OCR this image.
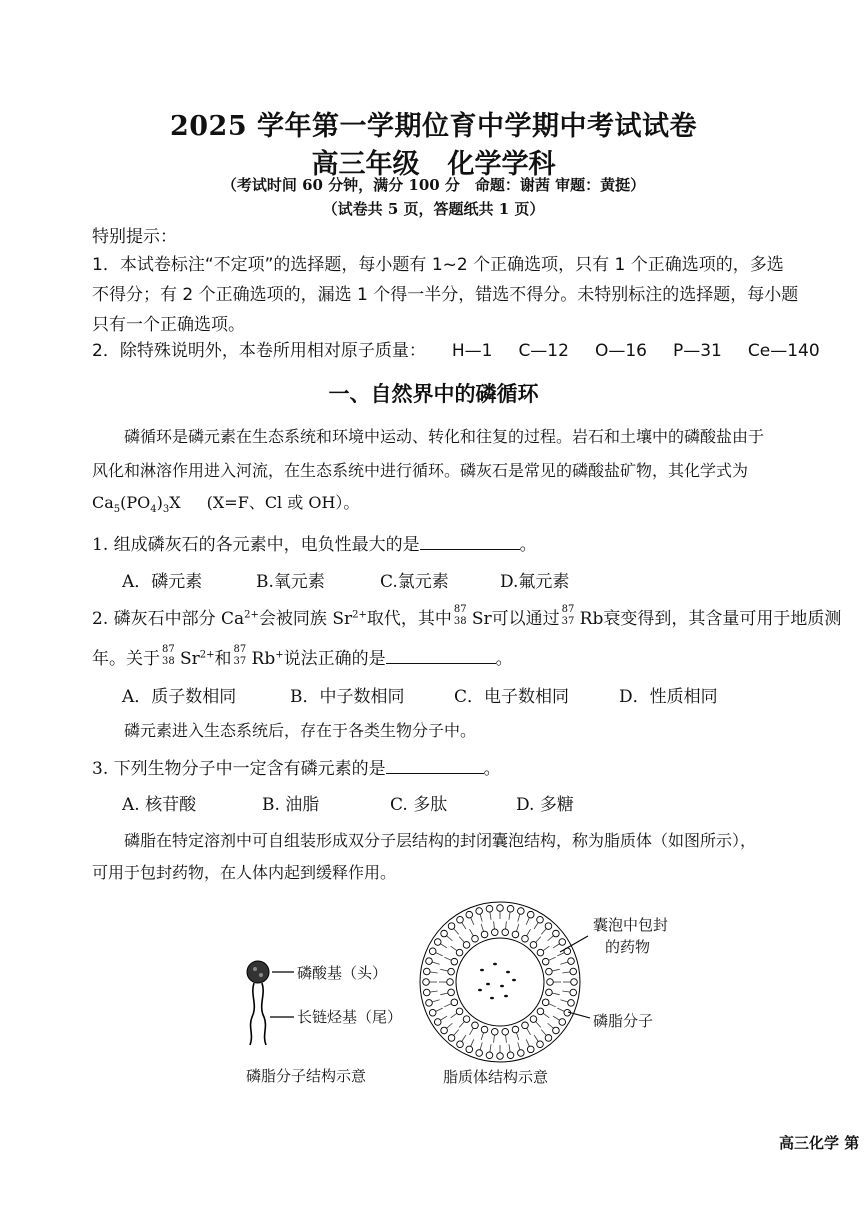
2025 学年第一学期位育中学期中考试试卷
高三年级 化学学科
（考试时间 60 分钟，满分 100 分　命题：谢茜 审题：黄挺）
（试卷共 5 页，答题纸共 1 页）
特别提示：
1．本试卷标注“不定项”的选择题，每小题有 1~2 个正确选项，只有 1 个正确选项的，多选
不得分；有 2 个正确选项的，漏选 1 个得一半分，错选不得分。未特别标注的选择题，每小题
只有一个正确选项。
2．除特殊说明外，本卷所用相对原子质量： H—1 C—12 O—16 P—31 Ce—140
一、自然界中的磷循环
磷循环是磷元素在生态系统和环境中运动、转化和往复的过程。岩石和土壤中的磷酸盐由于
风化和淋溶作用进入河流，在生态系统中进行循环。磷灰石是常见的磷酸盐矿物，其化学式为
$Ca_5(PO_4)_3X$ (X=F、Cl 或 OH）。
1. 组成磷灰石的各元素中，电负性最大的是	。
A．磷元素	B.氧元素	C.氯元素	D.氟元素
2. 磷灰石中部分 $Ca^{2+}$会被同族 $Sr^{2+}$取代，其中 87
38 Sr可以通过 87
37 Rb衰变得到，其含量可用于地质测
年。关于 87
38 $Sr^{2+}$和 87
37 Rb+说法正确的是	。
A．质子数相同	B．中子数相同	C．电子数相同	D．性质相同
磷元素进入生态系统后，存在于各类生物分子中。
3. 下列生物分子中一定含有磷元素的是	。
A. 核苷酸	B. 油脂	C. 多肽	D. 多糖
磷脂在特定溶剂中可自组装形成双分子层结构的封闭囊泡结构，称为脂质体（如图所示），
可用于包封药物，在人体内起到缓释作用。
磷酸基（头）
长链烃基（尾）
磷脂分子结构示意
囊泡中包封
的药物
磷脂分子
脂质体结构示意
高三化学 第
